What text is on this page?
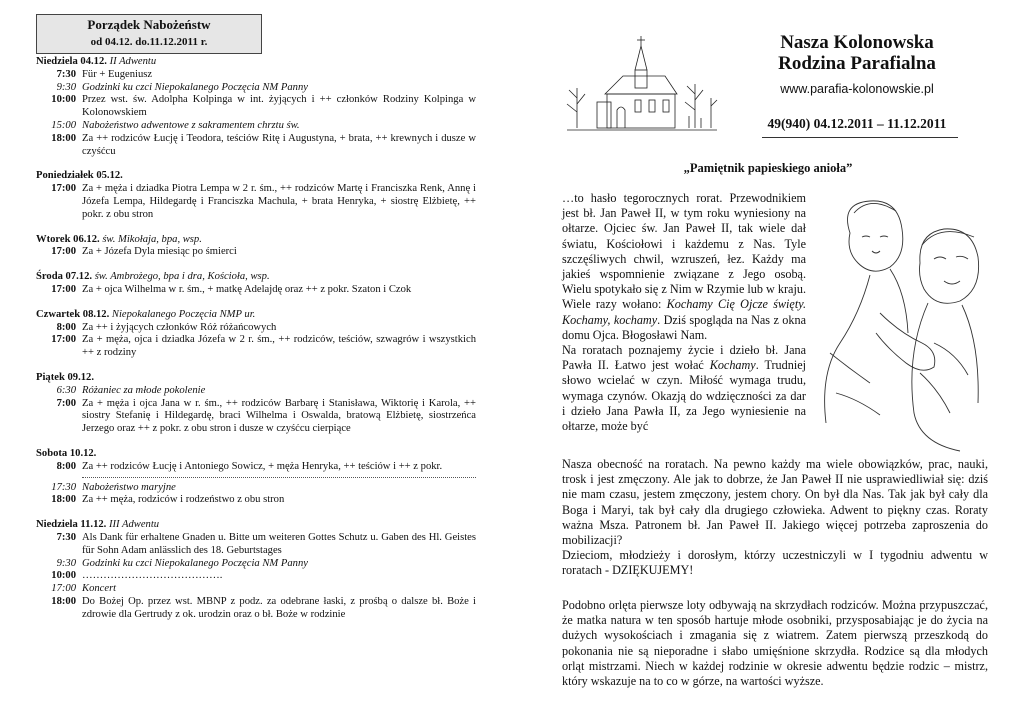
Porządek Nabożeństw
od 04.12. do.11.12.2011 r.
Niedziela 04.12. II Adwentu
7:30 Für + Eugeniusz
9:30 Godzinki ku czci Niepokalanego Poczęcia NM Panny
10:00 Przez wst. św. Adolpha Kolpinga w int. żyjących i ++ członków Rodziny Kolpinga w Kolonowskiem
15:00 Nabożeństwo adwentowe z sakramentem chrztu św.
18:00 Za ++ rodziców Łucję i Teodora, teściów Ritę i Augustyna, + brata, ++ krewnych i dusze w czyśćcu
Poniedziałek 05.12.
17:00 Za + męża i dziadka Piotra Lempa w 2 r. śm., ++ rodziców Martę i Franciszka Renk, Annę i Józefa Lempa, Hildegardę i Franciszka Machula, + brata Henryka, + siostrę Elżbietę, ++ pokr. z obu stron
Wtorek 06.12. św. Mikołaja, bpa, wsp.
17:00 Za + Józefa Dyla miesiąc po śmierci
Środa 07.12. św. Ambrożego, bpa i dra, Kościoła, wsp.
17:00 Za + ojca Wilhelma w r. śm., + matkę Adelajdę oraz ++ z pokr. Szaton i Czok
Czwartek 08.12. Niepokalanego Poczęcia NMP ur.
8:00 Za ++ i żyjących członków Róż różańcowych
17:00 Za + męża, ojca i dziadka Józefa w 2 r. śm., ++ rodziców, teściów, szwagrów i wszystkich ++ z rodziny
Piątek 09.12.
6:30 Różaniec za młode pokolenie
7:00 Za + męża i ojca Jana w r. śm., ++ rodziców Barbarę i Stanisława, Wiktorię i Karola, ++ siostry Stefanię i Hildegardę, braci Wilhelma i Oswalda, bratową Elżbietę, siostrzeńca Jerzego oraz ++ z pokr. z obu stron i dusze w czyśćcu cierpiące
Sobota 10.12.
8:00 Za ++ rodziców Łucję i Antoniego Sowicz, + męża Henryka, ++ teściów i ++ z pokr.
17:30 Nabożeństwo maryjne
18:00 Za ++ męża, rodziców i rodzeństwo z obu stron
Niedziela 11.12. III Adwentu
7:30 Als Dank für erhaltene Gnaden u. Bitte um weiteren Gottes Schutz u. Gaben des Hl. Geistes für Sohn Adam anlässlich des 18. Geburtstages
9:30 Godzinki ku czci Niepokalanego Poczęcia NM Panny
10:00 ………………………………….
17:00 Koncert
18:00 Do Bożej Op. przez wst. MBNP z podz. za odebrane łaski, z prośbą o dalsze bł. Boże i zdrowie dla Gertrudy z ok. urodzin oraz o bł. Boże w rodzinie
Nasza Kolonowska
Rodzina Parafialna
www.parafia-kolonowskie.pl
49(940) 04.12.2011 – 11.12.2011
„Pamiętnik papieskiego anioła”

…to hasło tegorocznych rorat. Przewodnikiem jest bł. Jan Paweł II, w tym roku wyniesiony na ołtarze. Ojciec św. Jan Paweł II, tak wiele dał światu, Kościołowi i każdemu z Nas. Tyle szczęśliwych chwil, wzruszeń, łez. Każdy ma jakieś wspomnienie związane z Jego osobą. Wielu spotykało się z Nim w Rzymie lub w kraju. Wiele razy wołano: Kochamy Cię Ojcze święty. Kochamy, kochamy. Dziś spogląda na Nas z okna domu Ojca. Błogosławi Nam.

Na roratach poznajemy życie i dzieło bł. Jana Pawła II. Łatwo jest wołać Kochamy. Trudniej słowo wcielać w czyn. Miłość wymaga trudu, wymaga czynów. Okazją do wdzięczności za dar i dzieło Jana Pawła II, za Jego wyniesienie na ołtarze, może być

Nasza obecność na roratach. Na pewno każdy ma wiele obowiązków, prac, nauki, trosk i jest zmęczony. Ale jak to dobrze, że Jan Paweł II nie usprawiedliwiał się: dziś nie mam czasu, jestem zmęczony, jestem chory. On był dla Nas. Tak jak był cały dla Boga i Maryi, tak był cały dla drugiego człowieka. Adwent to piękny czas. Roraty ważna Msza. Patronem bł. Jan Paweł II. Jakiego więcej potrzeba zaproszenia do mobilizacji?

Dzieciom, młodzieży i dorosłym, którzy uczestniczyli w I tygodniu adwentu w roratach - DZIĘKUJEMY!

Podobno orlęta pierwsze loty odbywają na skrzydłach rodziców. Można przypuszczać, że matka natura w ten sposób hartuje młode osobniki, przysposabiając je do życia na dużych wysokościach i zmagania się z wiatrem. Zatem pierwszą przeszkodą do pokonania nie są nieporadne i słabo umięśnione skrzydła. Rodzice są dla młodych orląt mistrzami. Niech w każdej rodzinie w okresie adwentu będzie rodzic – mistrz, który wskazuje na to co w górze, na wartości wyższe.
